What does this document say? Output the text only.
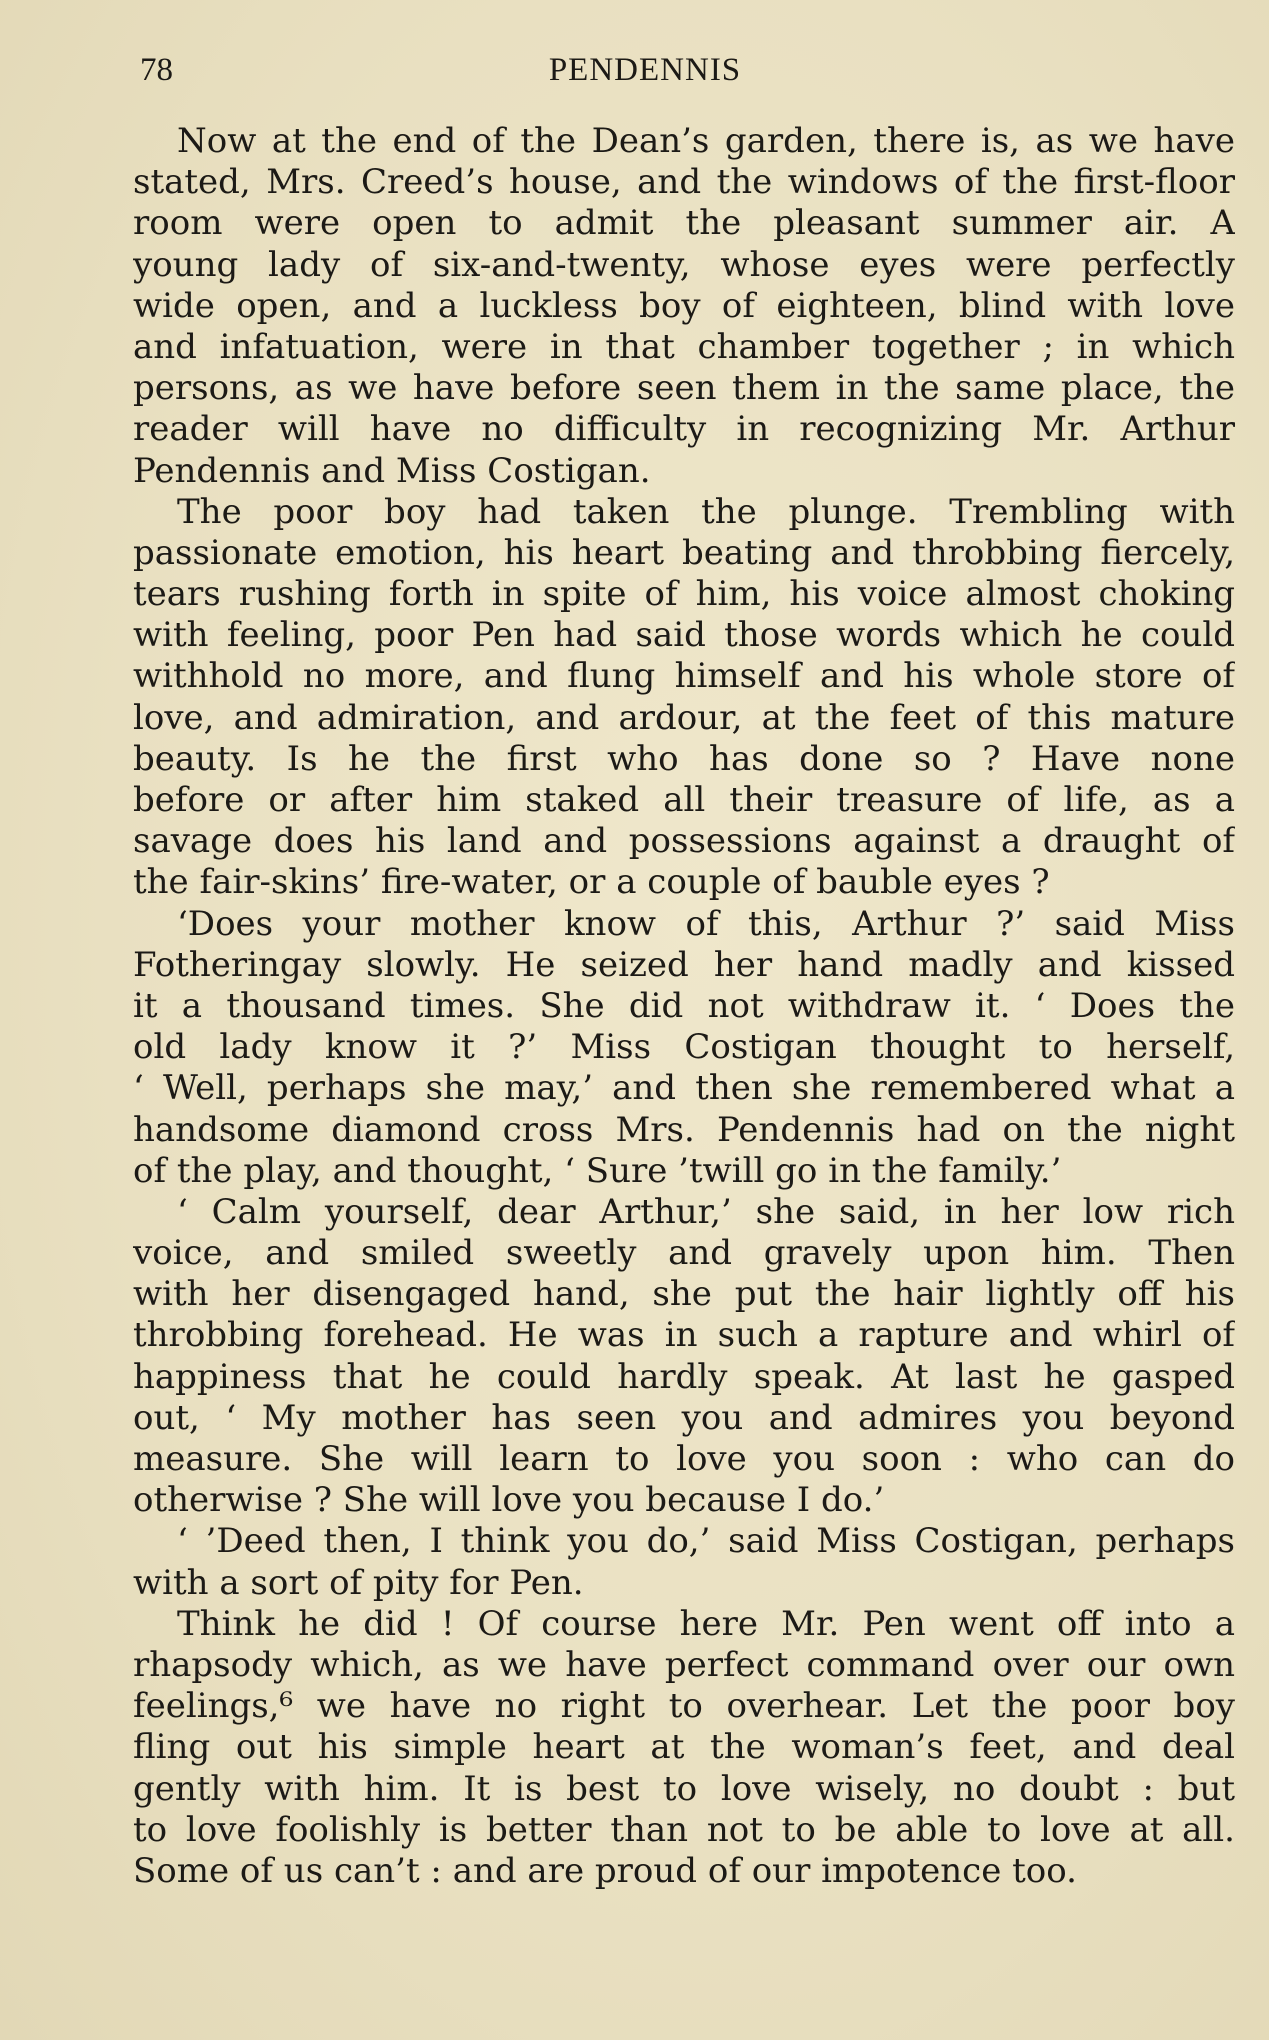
78	PENDENNIS
Now at the end of the Dean’s garden, there is, as we have
stated, Mrs. Creed’s house, and the windows of the first-floor
room were open to admit the pleasant summer air. A
young lady of six-and-twenty, whose eyes were perfectly
wide open, and a luckless boy of eighteen, blind with love
and infatuation, were in that chamber together ; in which
persons, as we have before seen them in the same place, the
reader will have no difficulty in recognizing Mr. Arthur
Pendennis and Miss Costigan.
The poor boy had taken the plunge. Trembling with
passionate emotion, his heart beating and throbbing fiercely,
tears rushing forth in spite of him, his voice almost choking
with feeling, poor Pen had said those words which he could
withhold no more, and flung himself and his whole store of
love, and admiration, and ardour, at the feet of this mature
beauty. Is he the first who has done so ? Have none
before or after him staked all their treasure of life, as a
savage does his land and possessions against a draught of
the fair-skins’ fire-water, or a couple of bauble eyes ?
‘Does your mother know of this, Arthur ?’ said Miss
Fotheringay slowly. He seized her hand madly and kissed
it a thousand times. She did not withdraw it. ‘ Does the
old lady know it ?’ Miss Costigan thought to herself,
‘ Well, perhaps she may,’ and then she remembered what a
handsome diamond cross Mrs. Pendennis had on the night
of the play, and thought, ‘ Sure ’twill go in the family.’
‘ Calm yourself, dear Arthur,’ she said, in her low rich
voice, and smiled sweetly and gravely upon him. Then
with her disengaged hand, she put the hair lightly off his
throbbing forehead. He was in such a rapture and whirl of
happiness that he could hardly speak. At last he gasped
out, ‘ My mother has seen you and admires you beyond
measure. She will learn to love you soon : who can do
otherwise ? She will love you because I do.’
‘ ’Deed then, I think you do,’ said Miss Costigan, perhaps
with a sort of pity for Pen.
Think he did ! Of course here Mr. Pen went off into a
rhapsody which, as we have perfect command over our own
feelings,⁶ we have no right to overhear. Let the poor boy
fling out his simple heart at the woman’s feet, and deal
gently with him. It is best to love wisely, no doubt : but
to love foolishly is better than not to be able to love at all.
Some of us can’t : and are proud of our impotence too.
